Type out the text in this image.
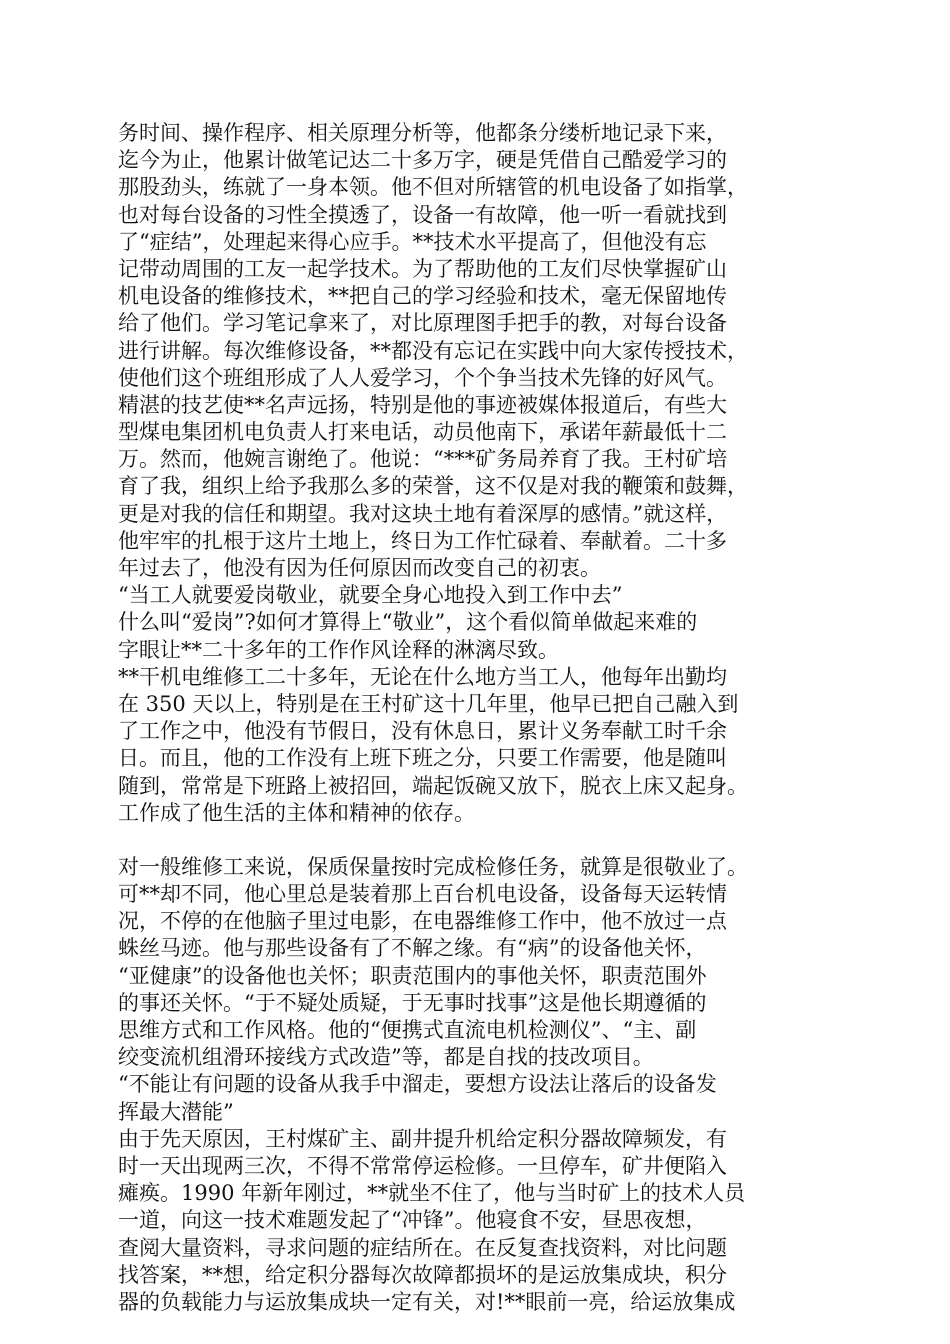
务时间、操作程序、相关原理分析等，他都条分缕析地记录下来，
迄今为止，他累计做笔记达二十多万字，硬是凭借自己酷爱学习的
那股劲头，练就了一身本领。他不但对所辖管的机电设备了如指掌，
也对每台设备的习性全摸透了，设备一有故障，他一听一看就找到
了“症结”，处理起来得心应手。**技术水平提高了，但他没有忘
记带动周围的工友一起学技术。为了帮助他的工友们尽快掌握矿山
机电设备的维修技术，**把自己的学习经验和技术，毫无保留地传
给了他们。学习笔记拿来了，对比原理图手把手的教，对每台设备
进行讲解。每次维修设备，**都没有忘记在实践中向大家传授技术，
使他们这个班组形成了人人爱学习，个个争当技术先锋的好风气。
精湛的技艺使**名声远扬，特别是他的事迹被媒体报道后，有些大
型煤电集团机电负责人打来电话，动员他南下，承诺年薪最低十二
万。然而，他婉言谢绝了。他说：“***矿务局养育了我。王村矿培
育了我，组织上给予我那么多的荣誉，这不仅是对我的鞭策和鼓舞，
更是对我的信任和期望。我对这块土地有着深厚的感情。”就这样，
他牢牢的扎根于这片土地上，终日为工作忙碌着、奉献着。二十多
年过去了，他没有因为任何原因而改变自己的初衷。
“当工人就要爱岗敬业，就要全身心地投入到工作中去”
什么叫“爱岗”?如何才算得上“敬业”，这个看似简单做起来难的
字眼让**二十多年的工作作风诠释的淋漓尽致。
**干机电维修工二十多年，无论在什么地方当工人，他每年出勤均
在 350 天以上，特别是在王村矿这十几年里，他早已把自己融入到
了工作之中，他没有节假日，没有休息日，累计义务奉献工时千余
日。而且，他的工作没有上班下班之分，只要工作需要，他是随叫
随到，常常是下班路上被招回，端起饭碗又放下，脱衣上床又起身。
工作成了他生活的主体和精神的依存。
对一般维修工来说，保质保量按时完成检修任务，就算是很敬业了。
可**却不同，他心里总是装着那上百台机电设备，设备每天运转情
况，不停的在他脑子里过电影，在电器维修工作中，他不放过一点
蛛丝马迹。他与那些设备有了不解之缘。有“病”的设备他关怀，
“亚健康”的设备他也关怀；职责范围内的事他关怀，职责范围外
的事还关怀。“于不疑处质疑，于无事时找事”这是他长期遵循的
思维方式和工作风格。他的“便携式直流电机检测仪”、“主、副
绞变流机组滑环接线方式改造”等，都是自找的技改项目。
“不能让有问题的设备从我手中溜走，要想方设法让落后的设备发
挥最大潜能”
由于先天原因，王村煤矿主、副井提升机给定积分器故障频发，有
时一天出现两三次，不得不常常停运检修。一旦停车，矿井便陷入
瘫痪。1990 年新年刚过，**就坐不住了，他与当时矿上的技术人员
一道，向这一技术难题发起了“冲锋”。他寝食不安，昼思夜想，
查阅大量资料，寻求问题的症结所在。在反复查找资料，对比问题
找答案，**想，给定积分器每次故障都损坏的是运放集成块，积分
器的负载能力与运放集成块一定有关，对!**眼前一亮，给运放集成
